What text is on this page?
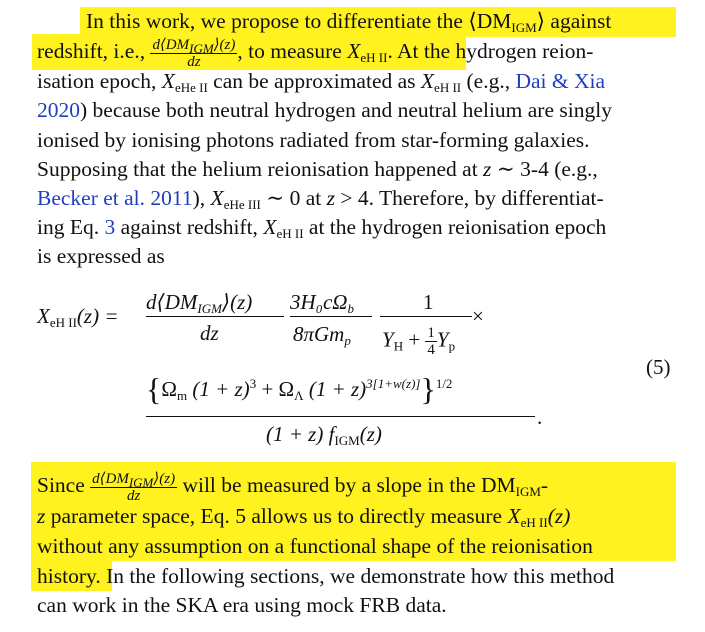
In this work, we propose to differentiate the $⟨DM_{IGM}⟩$ against
redshift, i.e., $\frac{d⟨DM_{IGM}⟩(z)}{dz}$ , to measure $X_{eH II}$. At the hydrogen reion-
isation epoch, $X_{eHe II}$ can be approximated as $X_{eH II}$ (e.g., Dai & Xia
2020) because both neutral hydrogen and neutral helium are singly
ionised by ionising photons radiated from star-forming galaxies.
Supposing that the helium reionisation happened at z ∼ 3-4 (e.g.,
Becker et al. 2011), $X_{eHe III}$ ∼ 0 at z > 4. Therefore, by differentiat-
ing Eq. 3 against redshift, $X_{eH II}$ at the hydrogen reionisation epoch
is expressed as
$X_{eH II}(z)$ =
$d⟨DM_{IGM}⟩(z)$
dz
$3H_0c\Omega_b$
8πGm$_p$
1
$Y_H + \frac{1}{4} Y_p$
×
{$\Omega_m$ $(1 + z)^3 + \Omega_\Lambda$ $(1 + z)^{3[1+w(z)]}\}^{1/2}$
(1 + z) $f_{IGM}(z)$
.
(5)
Since $\frac{d⟨DM_{IGM}⟩(z)}{dz}$ will be measured by a slope in the $DM_{IGM}-$
z parameter space, Eq. 5 allows us to directly measure $X_{eH II}(z)$
without any assumption on a functional shape of the reionisation
history. In the following sections, we demonstrate how this method
can work in the SKA era using mock FRB data.
